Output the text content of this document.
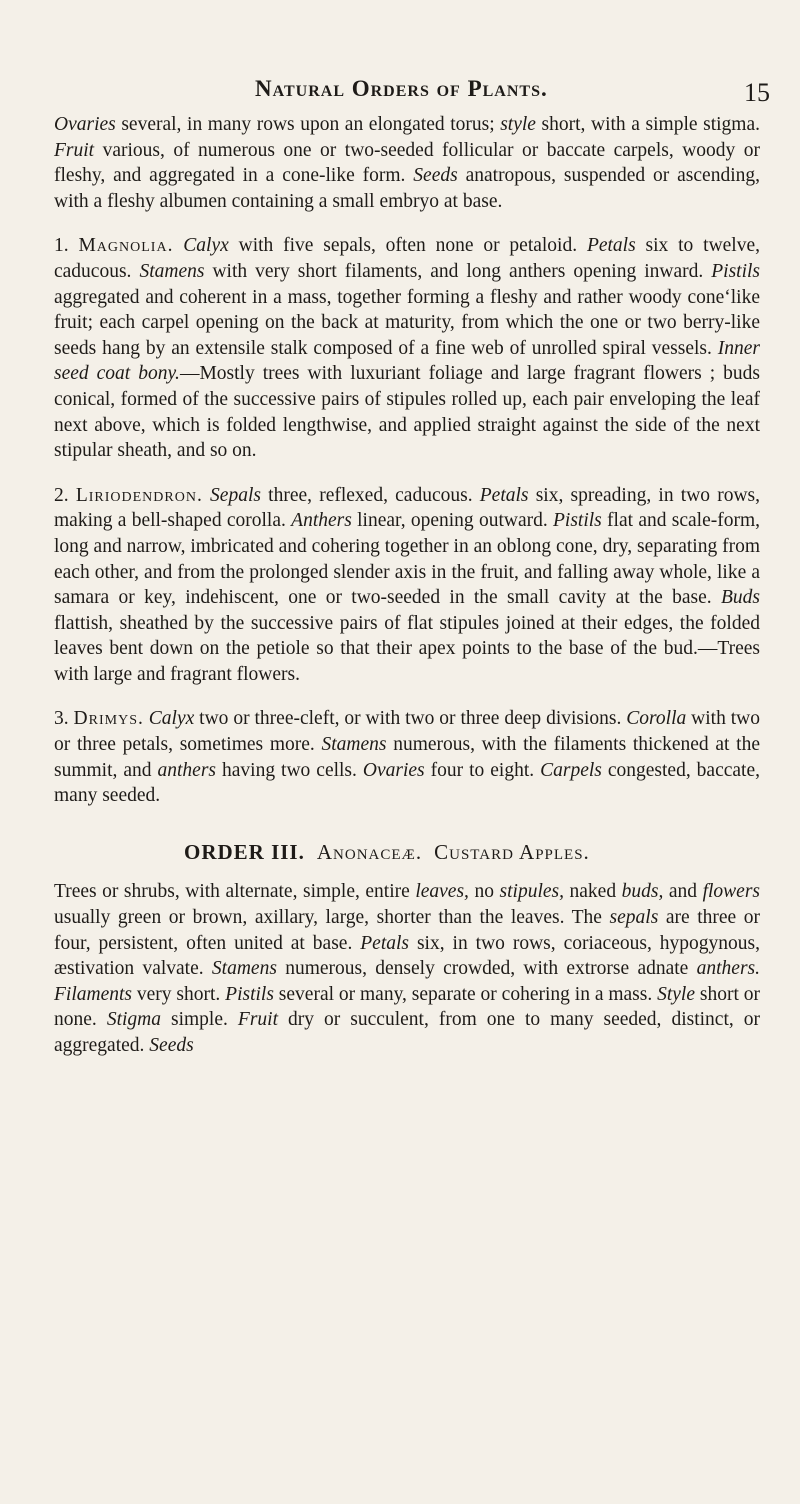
Natural Orders of Plants.	15

Ovaries several, in many rows upon an elongated torus; style short, with a simple stigma. Fruit various, of numerous one or two-seeded follicular or baccate carpels, woody or fleshy, and aggregated in a cone-like form. Seeds anatropous, suspended or ascending, with a fleshy albumen containing a small embryo at base.

1. Magnolia. Calyx with five sepals, often none or petaloid. Petals six to twelve, caducous. Stamens with very short filaments, and long anthers opening inward. Pistils aggregated and coherent in a mass, together forming a fleshy and rather woody cone‘like fruit; each carpel opening on the back at maturity, from which the one or two berry-like seeds hang by an extensile stalk composed of a fine web of unrolled spiral vessels. Inner seed coat bony.—Mostly trees with luxuriant foliage and large fragrant flowers ; buds conical, formed of the successive pairs of stipules rolled up, each pair enveloping the leaf next above, which is folded lengthwise, and applied straight against the side of the next stipular sheath, and so on.

2. Liriodendron. Sepals three, reflexed, caducous. Petals six, spreading, in two rows, making a bell-shaped corolla. Anthers linear, opening outward. Pistils flat and scale-form, long and narrow, imbricated and cohering together in an oblong cone, dry, separating from each other, and from the prolonged slender axis in the fruit, and falling away whole, like a samara or key, indehiscent, one or two-seeded in the small cavity at the base. Buds flattish, sheathed by the successive pairs of flat stipules joined at their edges, the folded leaves bent down on the petiole so that their apex points to the base of the bud.—Trees with large and fragrant flowers.

3. Drimys. Calyx two or three-cleft, or with two or three deep divisions. Corolla with two or three petals, sometimes more. Stamens numerous, with the filaments thickened at the summit, and anthers having two cells. Ovaries four to eight. Carpels congested, baccate, many seeded.

ORDER III. Anonaceæ. Custard Apples.

Trees or shrubs, with alternate, simple, entire leaves, no stipules, naked buds, and flowers usually green or brown, axillary, large, shorter than the leaves. The sepals are three or four, persistent, often united at base. Petals six, in two rows, coriaceous, hypogynous, æstivation valvate. Stamens numerous, densely crowded, with extrorse adnate anthers. Filaments very short. Pistils several or many, separate or cohering in a mass. Style short or none. Stigma simple. Fruit dry or succulent, from one to many seeded, distinct, or aggregated. Seeds
